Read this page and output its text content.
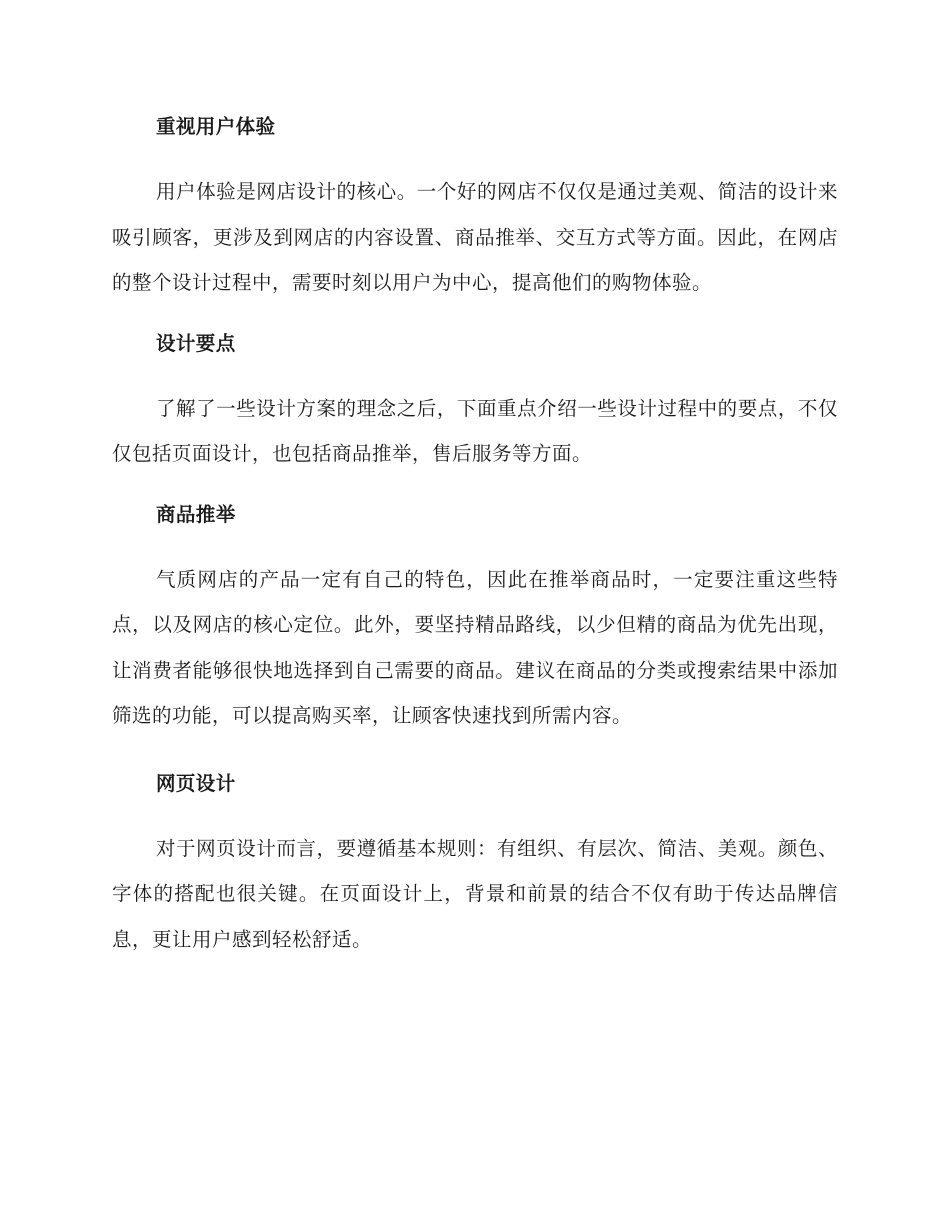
重视用户体验

用户体验是网店设计的核心。一个好的网店不仅仅是通过美观、简洁的设计来吸引顾客，更涉及到网店的内容设置、商品推举、交互方式等方面。因此，在网店的整个设计过程中，需要时刻以用户为中心，提高他们的购物体验。

设计要点

了解了一些设计方案的理念之后，下面重点介绍一些设计过程中的要点，不仅仅包括页面设计，也包括商品推举，售后服务等方面。

商品推举

气质网店的产品一定有自己的特色，因此在推举商品时，一定要注重这些特点，以及网店的核心定位。此外，要坚持精品路线，以少但精的商品为优先出现，让消费者能够很快地选择到自己需要的商品。建议在商品的分类或搜索结果中添加筛选的功能，可以提高购买率，让顾客快速找到所需内容。

网页设计

对于网页设计而言，要遵循基本规则：有组织、有层次、简洁、美观。颜色、字体的搭配也很关键。在页面设计上，背景和前景的结合不仅有助于传达品牌信息，更让用户感到轻松舒适。
